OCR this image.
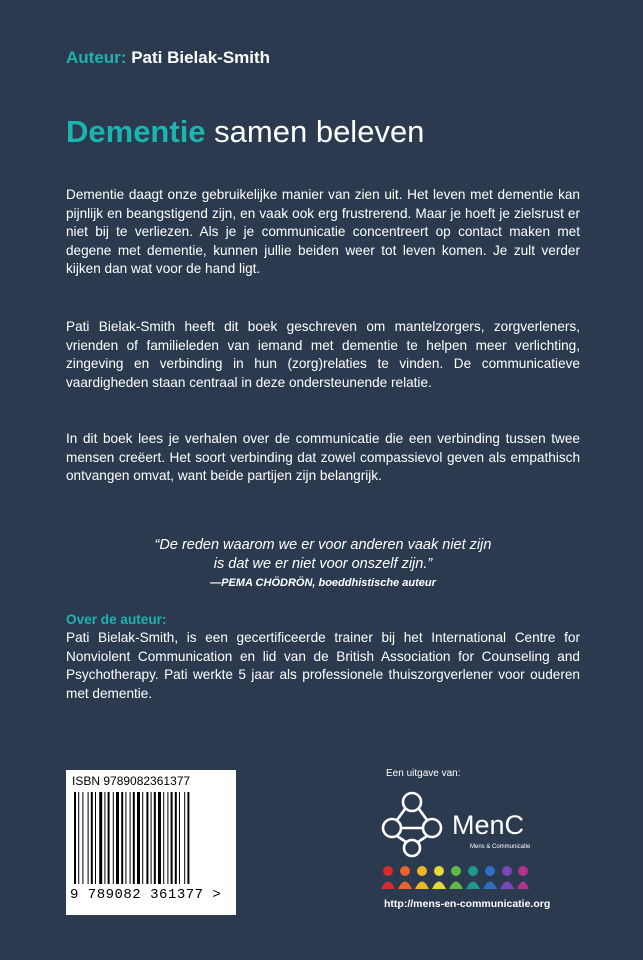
Auteur: Pati Bielak-Smith
Dementie samen beleven
Dementie daagt onze gebruikelijke manier van zien uit. Het leven met dementie kan pijnlijk en beangstigend zijn, en vaak ook erg frustrerend. Maar je hoeft je zielsrust er niet bij te verliezen. Als je je communicatie concentreert op contact maken met degene met dementie, kunnen jullie beiden weer tot leven komen. Je zult verder kijken dan wat voor de hand ligt.
Pati Bielak-Smith heeft dit boek geschreven om mantelzorgers, zorgverleners, vrienden of familieleden van iemand met dementie te helpen meer verlichting, zingeving en verbinding in hun (zorg)relaties te vinden. De communicatieve vaardigheden staan centraal in deze ondersteunende relatie.
In dit boek lees je verhalen over de communicatie die een verbinding tussen twee mensen creëert. Het soort verbinding dat zowel compassievol geven als empathisch ontvangen omvat, want beide partijen zijn belangrijk.
“De reden waarom we er voor anderen vaak niet zijn
is dat we er niet voor onszelf zijn.”
—PEMA CHÖDRÖN, boeddhistische auteur
Over de auteur:
Pati Bielak-Smith, is een gecertificeerde trainer bij het International Centre for Nonviolent Communication en lid van de British Association for Counseling and Psychotherapy. Pati werkte 5 jaar als professionele thuiszorgverlener voor ouderen met dementie.
ISBN 9789082361377
9 789082 361377 >
Een uitgave van:
MenC
Mens & Communicatie
http://mens-en-communicatie.org
